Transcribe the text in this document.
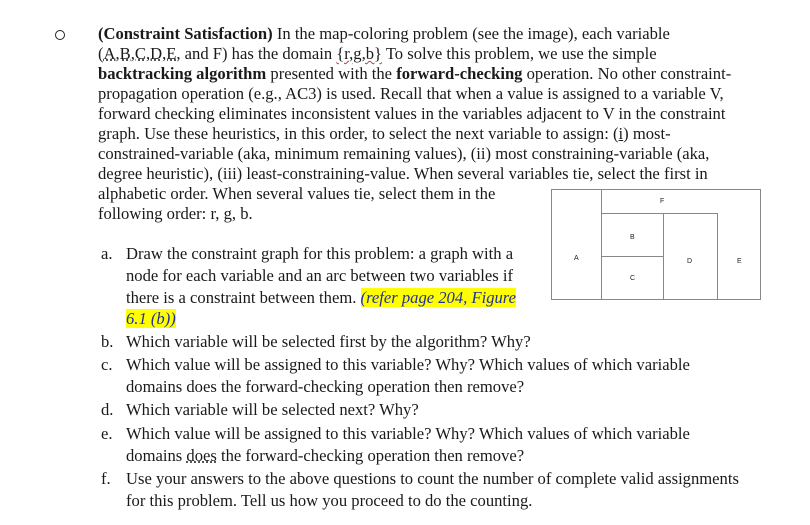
(Constraint Satisfaction) In the map-coloring problem (see the image), each variable
(A,B,C,D,E, and F) has the domain {r,g,b} To solve this problem, we use the simple
backtracking algorithm presented with the forward-checking operation. No other constraint-
propagation operation (e.g., AC3) is used. Recall that when a value is assigned to a variable V,
forward checking eliminates inconsistent values in the variables adjacent to V in the constraint
graph. Use these heuristics, in this order, to select the next variable to assign: (i) most-
constrained-variable (aka, minimum remaining values), (ii) most constraining-variable (aka,
degree heuristic), (iii) least-constraining-value. When several variables tie, select the first in
alphabetic order. When several values tie, select them in the
following order: r, g, b.
A
B
C
D	E
F
a. Draw the constraint graph for this problem: a graph with a
node for each variable and an arc between two variables if
there is a constraint between them. (refer page 204, Figure
6.1 (b))
b. Which variable will be selected first by the algorithm? Why?
c. Which value will be assigned to this variable? Why? Which values of which variable
domains does the forward-checking operation then remove?
d. Which variable will be selected next? Why?
e. Which value will be assigned to this variable? Why? Which values of which variable
domains does the forward-checking operation then remove?
f. Use your answers to the above questions to count the number of complete valid assignments
for this problem. Tell us how you proceed to do the counting.
